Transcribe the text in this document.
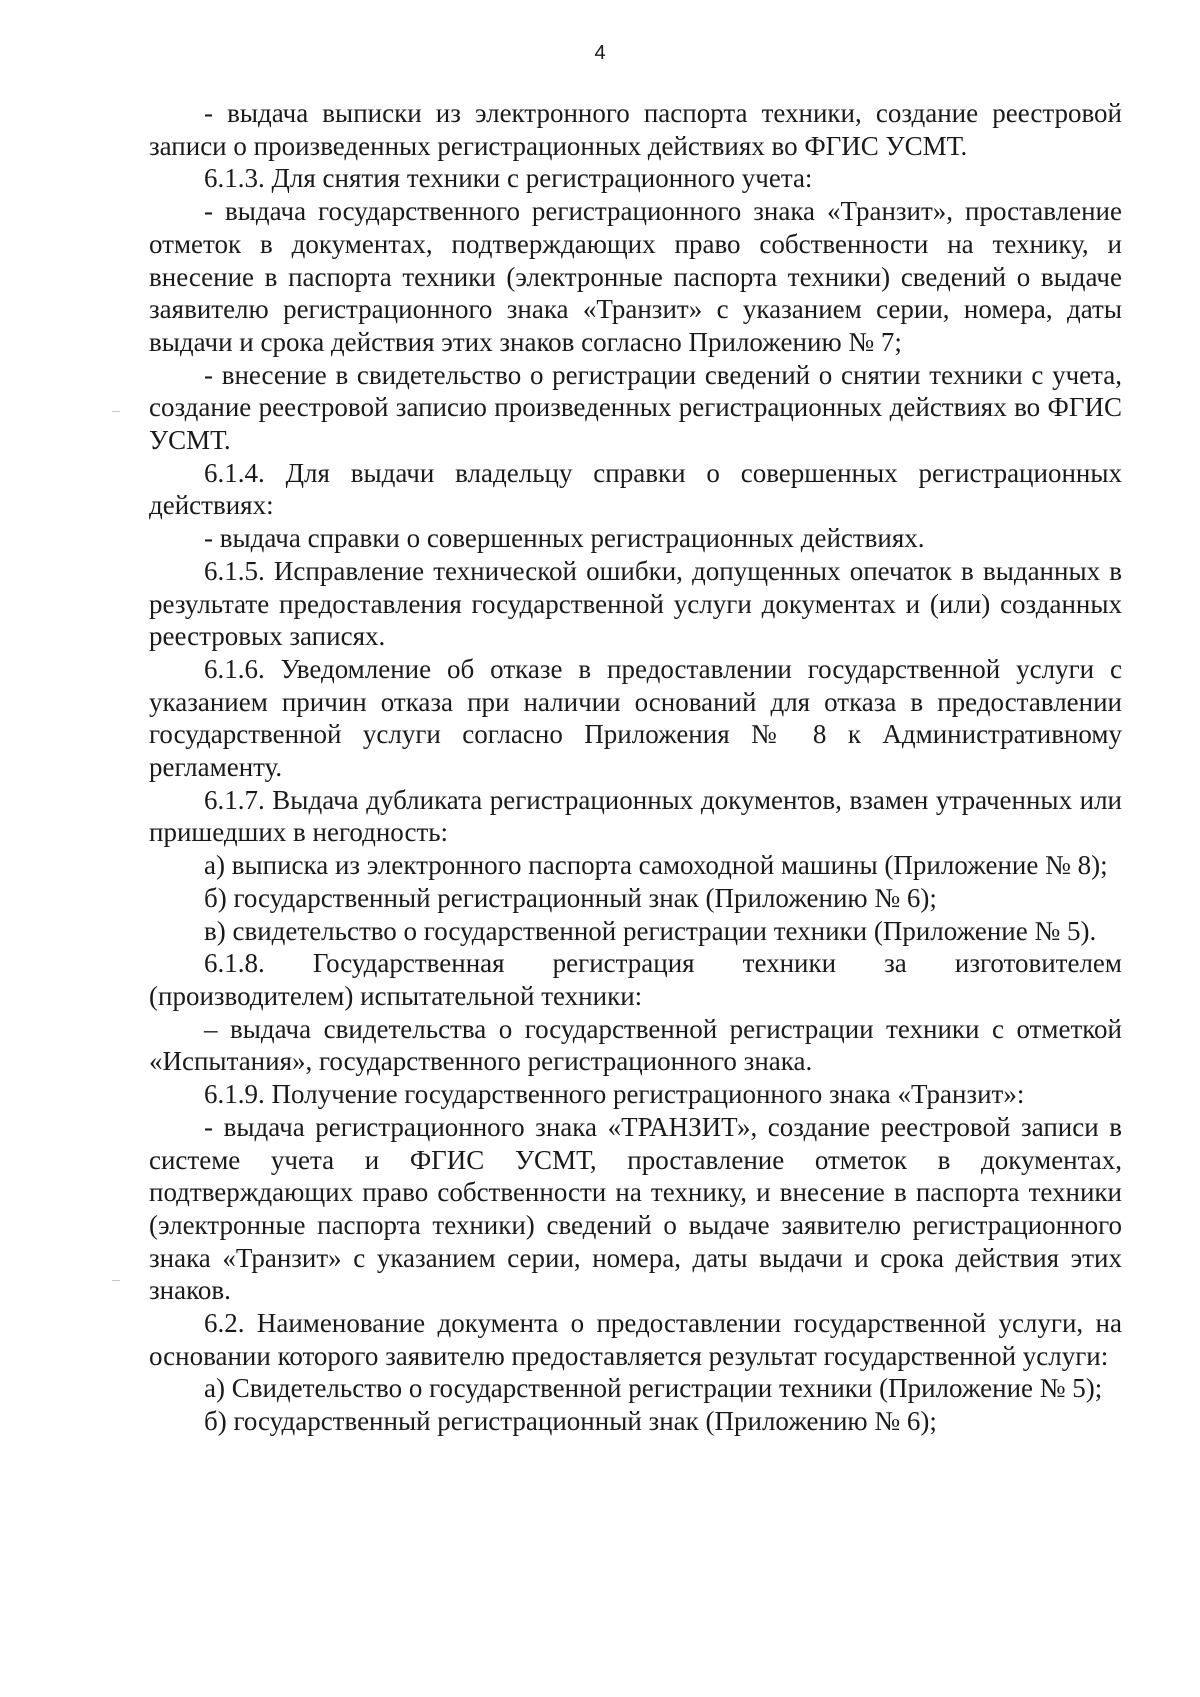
4

- выдача выписки из электронного паспорта техники, создание реестровой записи о произведенных регистрационных действиях во ФГИС УСМТ.

6.1.3. Для снятия техники с регистрационного учета:

- выдача государственного регистрационного знака «Транзит», проставление отметок в документах, подтверждающих право собственности на технику, и внесение в паспорта техники (электронные паспорта техники) сведений о выдаче заявителю регистрационного знака «Транзит» с указанием серии, номера, даты выдачи и срока действия этих знаков согласно Приложению № 7;

- внесение в свидетельство о регистрации сведений о снятии техники с учета, создание реестровой записио произведенных регистрационных действиях во ФГИС УСМТ.

6.1.4. Для выдачи владельцу справки о совершенных регистрационных действиях:

- выдача справки о совершенных регистрационных действиях.

6.1.5. Исправление технической ошибки, допущенных опечаток в выданных в результате предоставления государственной услуги документах и (или) созданных реестровых записях.

6.1.6. Уведомление об отказе в предоставлении государственной услуги с указанием причин отказа при наличии оснований для отказа в предоставлении государственной услуги согласно Приложения № 8 к Административному регламенту.

6.1.7. Выдача дубликата регистрационных документов, взамен утраченных или пришедших в негодность:

а) выписка из электронного паспорта самоходной машины (Приложение № 8);

б) государственный регистрационный знак (Приложению № 6);

в) свидетельство о государственной регистрации техники (Приложение № 5).

6.1.8. Государственная регистрация техники за изготовителем (производителем) испытательной техники:

– выдача свидетельства о государственной регистрации техники с отметкой «Испытания», государственного регистрационного знака.

6.1.9. Получение государственного регистрационного знака «Транзит»:

- выдача регистрационного знака «ТРАНЗИТ», создание реестровой записи в системе учета и ФГИС УСМТ, проставление отметок в документах, подтверждающих право собственности на технику, и внесение в паспорта техники (электронные паспорта техники) сведений о выдаче заявителю регистрационного знака «Транзит» с указанием серии, номера, даты выдачи и срока действия этих знаков.

6.2. Наименование документа о предоставлении государственной услуги, на основании которого заявителю предоставляется результат государственной услуги:

а) Свидетельство о государственной регистрации техники (Приложение № 5);

б) государственный регистрационный знак (Приложению № 6);
